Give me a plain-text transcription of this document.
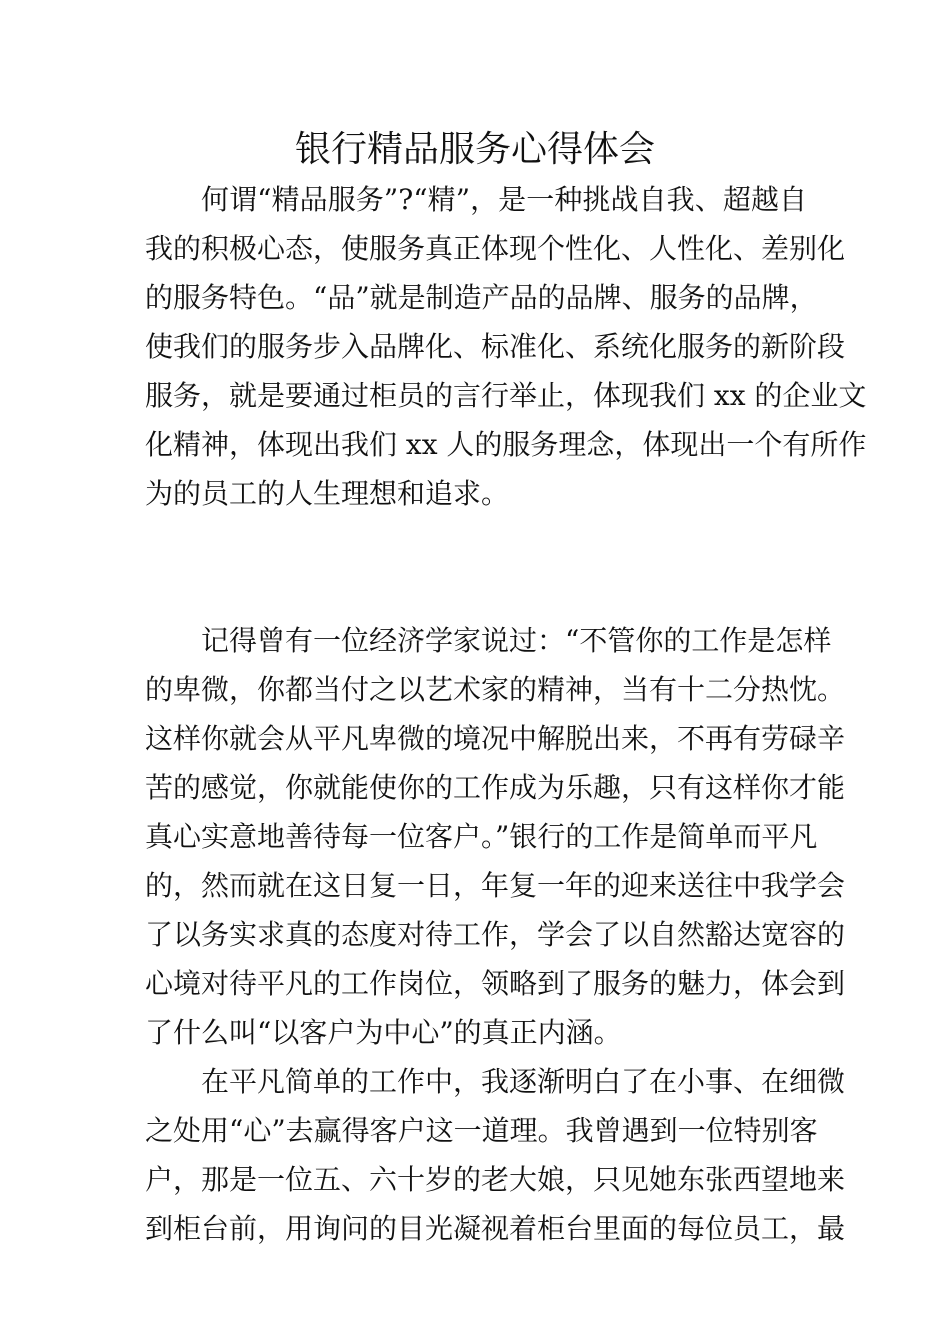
银行精品服务心得体会
何谓“精品服务”?“精”，是一种挑战自我、超越自
我的积极心态，使服务真正体现个性化、人性化、差别化
的服务特色。“品”就是制造产品的品牌、服务的品牌，
使我们的服务步入品牌化、标准化、系统化服务的新阶段
服务，就是要通过柜员的言行举止，体现我们 xx 的企业文
化精神，体现出我们 xx 人的服务理念，体现出一个有所作
为的员工的人生理想和追求。
记得曾有一位经济学家说过：“不管你的工作是怎样
的卑微，你都当付之以艺术家的精神，当有十二分热忱。
这样你就会从平凡卑微的境况中解脱出来，不再有劳碌辛
苦的感觉，你就能使你的工作成为乐趣，只有这样你才能
真心实意地善待每一位客户。”银行的工作是简单而平凡
的，然而就在这日复一日，年复一年的迎来送往中我学会
了以务实求真的态度对待工作，学会了以自然豁达宽容的
心境对待平凡的工作岗位，领略到了服务的魅力，体会到
了什么叫“以客户为中心”的真正内涵。
在平凡简单的工作中，我逐渐明白了在小事、在细微
之处用“心”去赢得客户这一道理。我曾遇到一位特别客
户，那是一位五、六十岁的老大娘，只见她东张西望地来
到柜台前，用询问的目光凝视着柜台里面的每位员工，最
